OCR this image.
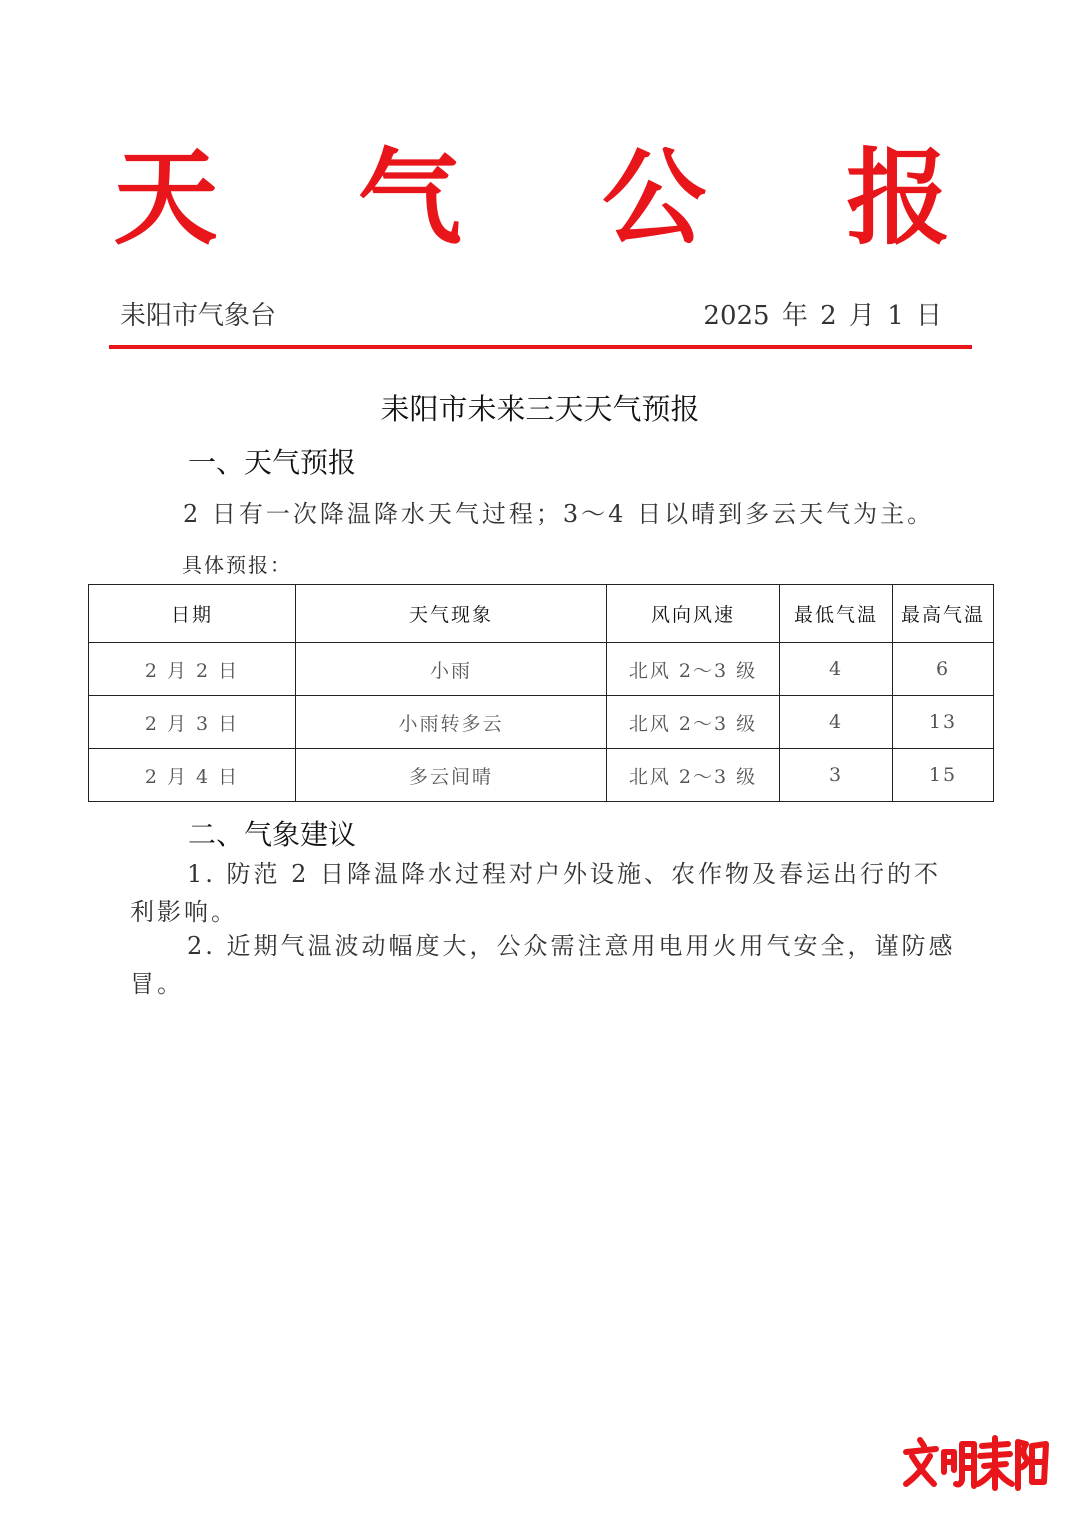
天 气 公 报
耒阳市气象台	2025 年 2 月 1 日
耒阳市未来三天天气预报
一、天气预报
2 日有一次降温降水天气过程；3～4 日以晴到多云天气为主。
具体预报：
日期	天气现象	风向风速	最低气温	最高气温
2 月 2 日	小雨	北风 2～3 级	4	6
2 月 3 日	小雨转多云	北风 2～3 级	4	13
2 月 4 日	多云间晴	北风 2～3 级	3	15
二、气象建议
1. 防范 2 日降温降水过程对户外设施、农作物及春运出行的不利影响。
2. 近期气温波动幅度大，公众需注意用电用火用气安全，谨防感冒。
